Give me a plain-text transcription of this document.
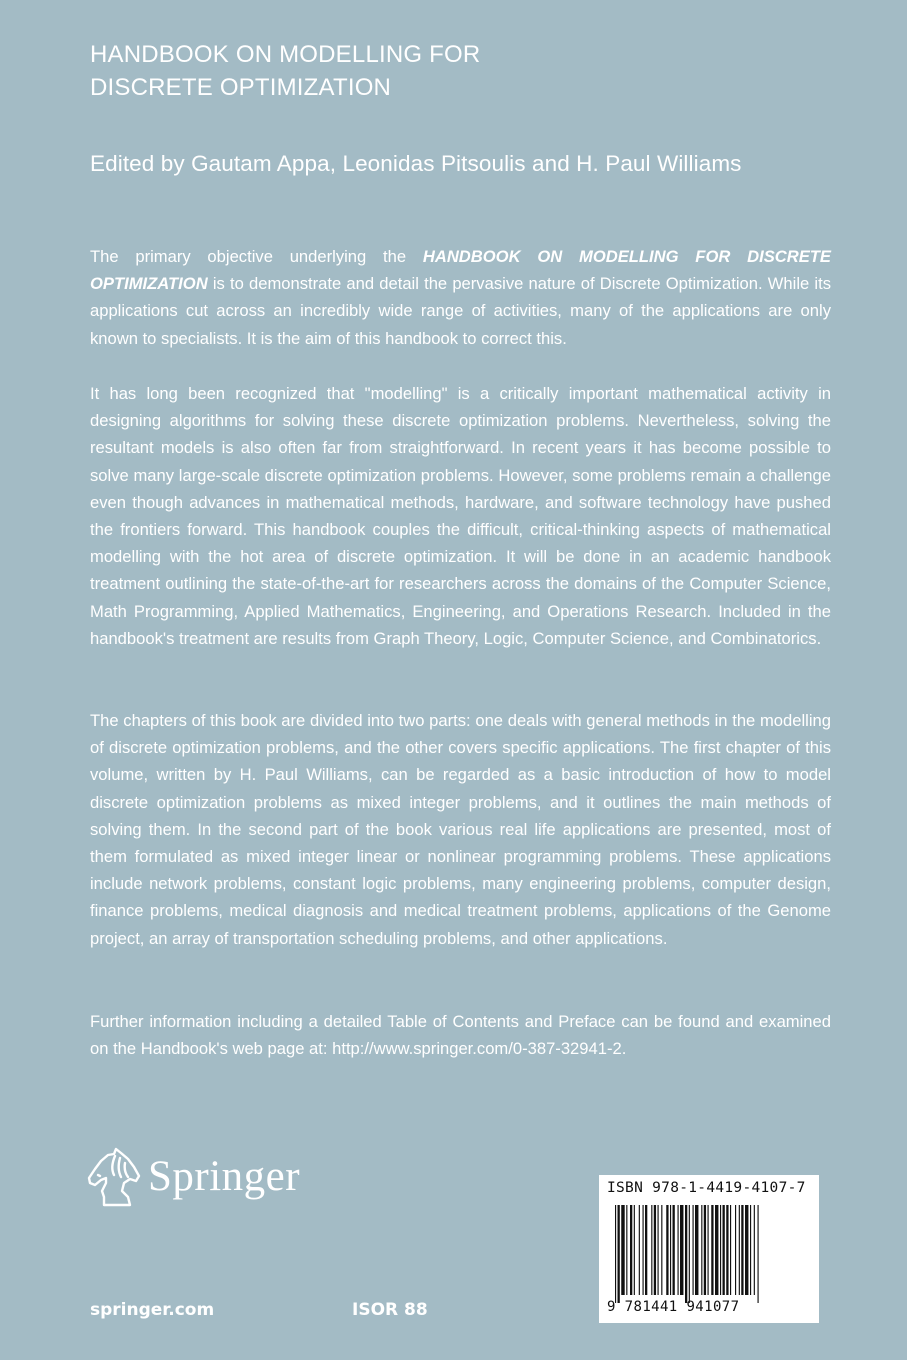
HANDBOOK ON MODELLING FOR
DISCRETE OPTIMIZATION
Edited by Gautam Appa, Leonidas Pitsoulis and H. Paul Williams

The primary objective underlying the HANDBOOK ON MODELLING FOR DISCRETE OPTIMIZATION is to demonstrate and detail the pervasive nature of Discrete Optimization. While its applications cut across an incredibly wide range of activities, many of the applications are only known to specialists. It is the aim of this handbook to correct this.

It has long been recognized that "modelling" is a critically important mathematical activity in designing algorithms for solving these discrete optimization problems. Nevertheless, solving the resultant models is also often far from straightforward. In recent years it has become possible to solve many large-scale discrete optimization problems. However, some problems remain a challenge even though advances in mathematical methods, hardware, and software technology have pushed the frontiers forward. This handbook couples the difficult, critical-thinking aspects of mathematical modelling with the hot area of discrete optimization. It will be done in an academic handbook treatment outlining the state-of-the-art for researchers across the domains of the Computer Science, Math Programming, Applied Mathematics, Engineering, and Operations Research. Included in the handbook's treatment are results from Graph Theory, Logic, Computer Science, and Combinatorics.

The chapters of this book are divided into two parts: one deals with general methods in the modelling of discrete optimization problems, and the other covers specific applications. The first chapter of this volume, written by H. Paul Williams, can be regarded as a basic introduction of how to model discrete optimization problems as mixed integer problems, and it outlines the main methods of solving them. In the second part of the book various real life applications are presented, most of them formulated as mixed integer linear or nonlinear programming problems. These applications include network problems, constant logic problems, many engineering problems, computer design, finance problems, medical diagnosis and medical treatment problems, applications of the Genome project, an array of transportation scheduling problems, and other applications.

Further information including a detailed Table of Contents and Preface can be found and examined on the Handbook's web page at: http://www.springer.com/0-387-32941-2.

Springer
springer.com	ISOR 88
ISBN 978-1-4419-4107-7
9 781441 941077
